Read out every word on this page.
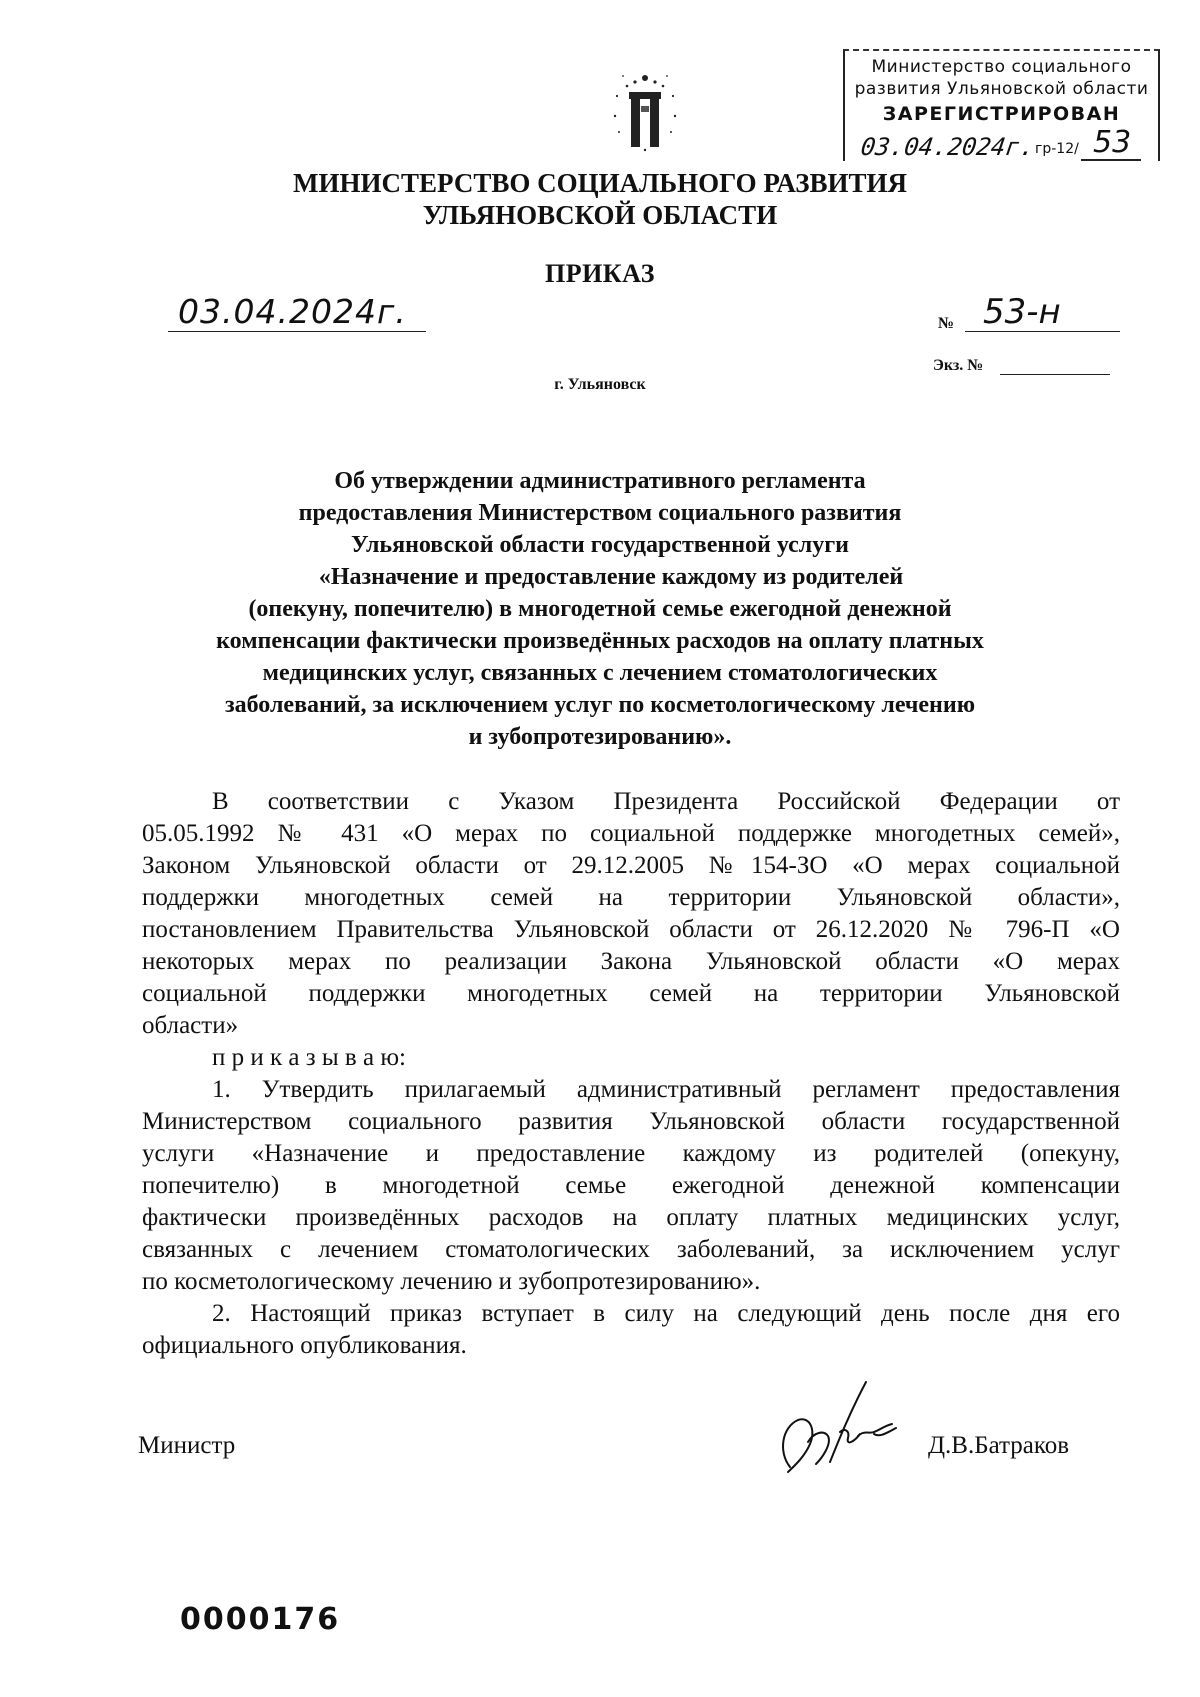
Министерство социального
развития Ульяновской области
ЗАРЕГИСТРИРОВАН
03.04.2024г.
гр-12/ 53
МИНИСТЕРСТВО СОЦИАЛЬНОГО РАЗВИТИЯ
УЛЬЯНОВСКОЙ ОБЛАСТИ
ПРИКАЗ
03.04.2024г.	№ 53-н
Экз. №
г. Ульяновск
Об утверждении административного регламента
предоставления Министерством социального развития
Ульяновской области государственной услуги
«Назначение и предоставление каждому из родителей
(опекуну, попечителю) в многодетной семье ежегодной денежной
компенсации фактически произведённых расходов на оплату платных
медицинских услуг, связанных с лечением стоматологических
заболеваний, за исключением услуг по косметологическому лечению
и зубопротезированию».
В соответствии с Указом Президента Российской Федерации от
05.05.1992 № 431 «О мерах по социальной поддержке многодетных семей»,
Законом Ульяновской области от 29.12.2005 №154-ЗО «О мерах социальной
поддержки многодетных семей на территории Ульяновской области»,
постановлением Правительства Ульяновской области от 26.12.2020 № 796-П «О
некоторых мерах по реализации Закона Ульяновской области «О мерах
социальной поддержки многодетных семей на территории Ульяновской
области»
п р и к а з ы в а ю:
1. Утвердить прилагаемый административный регламент предоставления
Министерством социального развития Ульяновской области государственной
услуги «Назначение и предоставление каждому из родителей (опекуну,
попечителю) в многодетной семье ежегодной денежной компенсации
фактически произведённых расходов на оплату платных медицинских услуг,
связанных с лечением стоматологических заболеваний, за исключением услуг
по косметологическому лечению и зубопротезированию».
2. Настоящий приказ вступает в силу на следующий день после дня его
официального опубликования.
Министр	Д.В.Батраков
0000176
